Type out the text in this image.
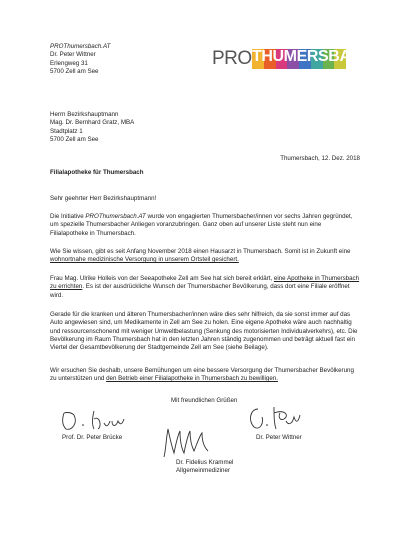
PROThumersbach.AT
Dr. Peter Wittner
Erlengweg 31
5700 Zell am See
PRO THUMERSBACHAT
Herrn Bezirkshauptmann
Mag. Dr. Bernhard Gratz, MBA
Stadtplatz 1
5700 Zell am See
Thumersbach, 12. Dez. 2018
Filialapotheke für Thumersbach
Sehr geehrter Herr Bezirkshauptmann!
Die Initiative PROThumersbach.AT wurde von engagierten Thumersbacher/innen vor sechs Jahren gegründet, um spezielle Thumersbacher Anliegen voranzubringen. Ganz oben auf unserer Liste steht nun eine Filialapotheke in Thumersbach.
Wie Sie wissen, gibt es seit Anfang November 2018 einen Hausarzt in Thumersbach. Somit ist in Zukunft eine wohnortnahe medizinische Versorgung in unserem Ortsteil gesichert.
Frau Mag. Ulrike Holleis von der Seeapotheke Zell am See hat sich bereit erklärt, eine Apotheke in Thumersbach zu errichten. Es ist der ausdrückliche Wunsch der Thumersbacher Bevölkerung, dass dort eine Filiale eröffnet wird.
Gerade für die kranken und älteren Thumersbacher/innen wäre dies sehr hilfreich, da sie sonst immer auf das Auto angewiesen sind, um Medikamente in Zell am See zu holen. Eine eigene Apotheke wäre auch nachhaltig und ressourcenschonend mit weniger Umweltbelastung (Senkung des motorisierten Individualverkehrs), etc. Die Bevölkerung im Raum Thumersbach hat in den letzten Jahren ständig zugenommen und beträgt aktuell fast ein Viertel der Gesamtbevölkerung der Stadtgemeinde Zell am See (siehe Beilage).
Wir ersuchen Sie deshalb, unsere Bemühungen um eine bessere Versorgung der Thumersbacher Bevölkerung zu unterstützen und den Betrieb einer Filialapotheke in Thumersbach zu bewilligen.
Mit freundlichen Grüßen
Prof. Dr. Peter Brücke
Dr. Fidelius Krammel
Allgemeinmediziner
Dr. Peter Wittner
